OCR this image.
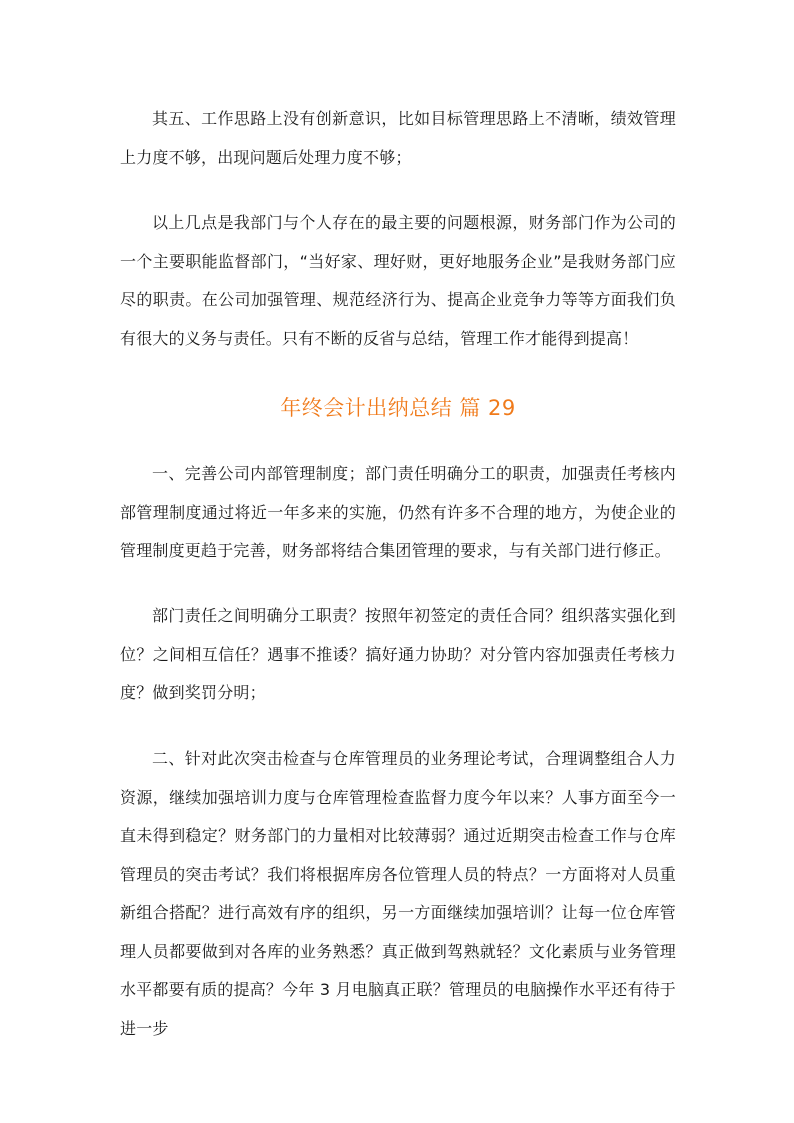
其五、工作思路上没有创新意识，比如目标管理思路上不清晰，绩效管理上力度不够，出现问题后处理力度不够；

以上几点是我部门与个人存在的最主要的问题根源，财务部门作为公司的一个主要职能监督部门，“当好家、理好财，更好地服务企业”是我财务部门应尽的职责。在公司加强管理、规范经济行为、提高企业竞争力等等方面我们负有很大的义务与责任。只有不断的反省与总结，管理工作才能得到提高！

年终会计出纳总结 篇 29

一、完善公司内部管理制度；部门责任明确分工的职责，加强责任考核内部管理制度通过将近一年多来的实施，仍然有许多不合理的地方，为使企业的管理制度更趋于完善，财务部将结合集团管理的要求，与有关部门进行修正。

部门责任之间明确分工职责？按照年初签定的责任合同？组织落实强化到位？之间相互信任？遇事不推诿？搞好通力协助？对分管内容加强责任考核力度？做到奖罚分明；

二、针对此次突击检查与仓库管理员的业务理论考试，合理调整组合人力资源，继续加强培训力度与仓库管理检查监督力度今年以来？人事方面至今一直未得到稳定？财务部门的力量相对比较薄弱？通过近期突击检查工作与仓库管理员的突击考试？我们将根据库房各位管理人员的特点？一方面将对人员重新组合搭配？进行高效有序的组织，另一方面继续加强培训？让每一位仓库管理人员都要做到对各库的业务熟悉？真正做到驾熟就轻？文化素质与业务管理水平都要有质的提高？今年 3 月电脑真正联？管理员的电脑操作水平还有待于进一步
